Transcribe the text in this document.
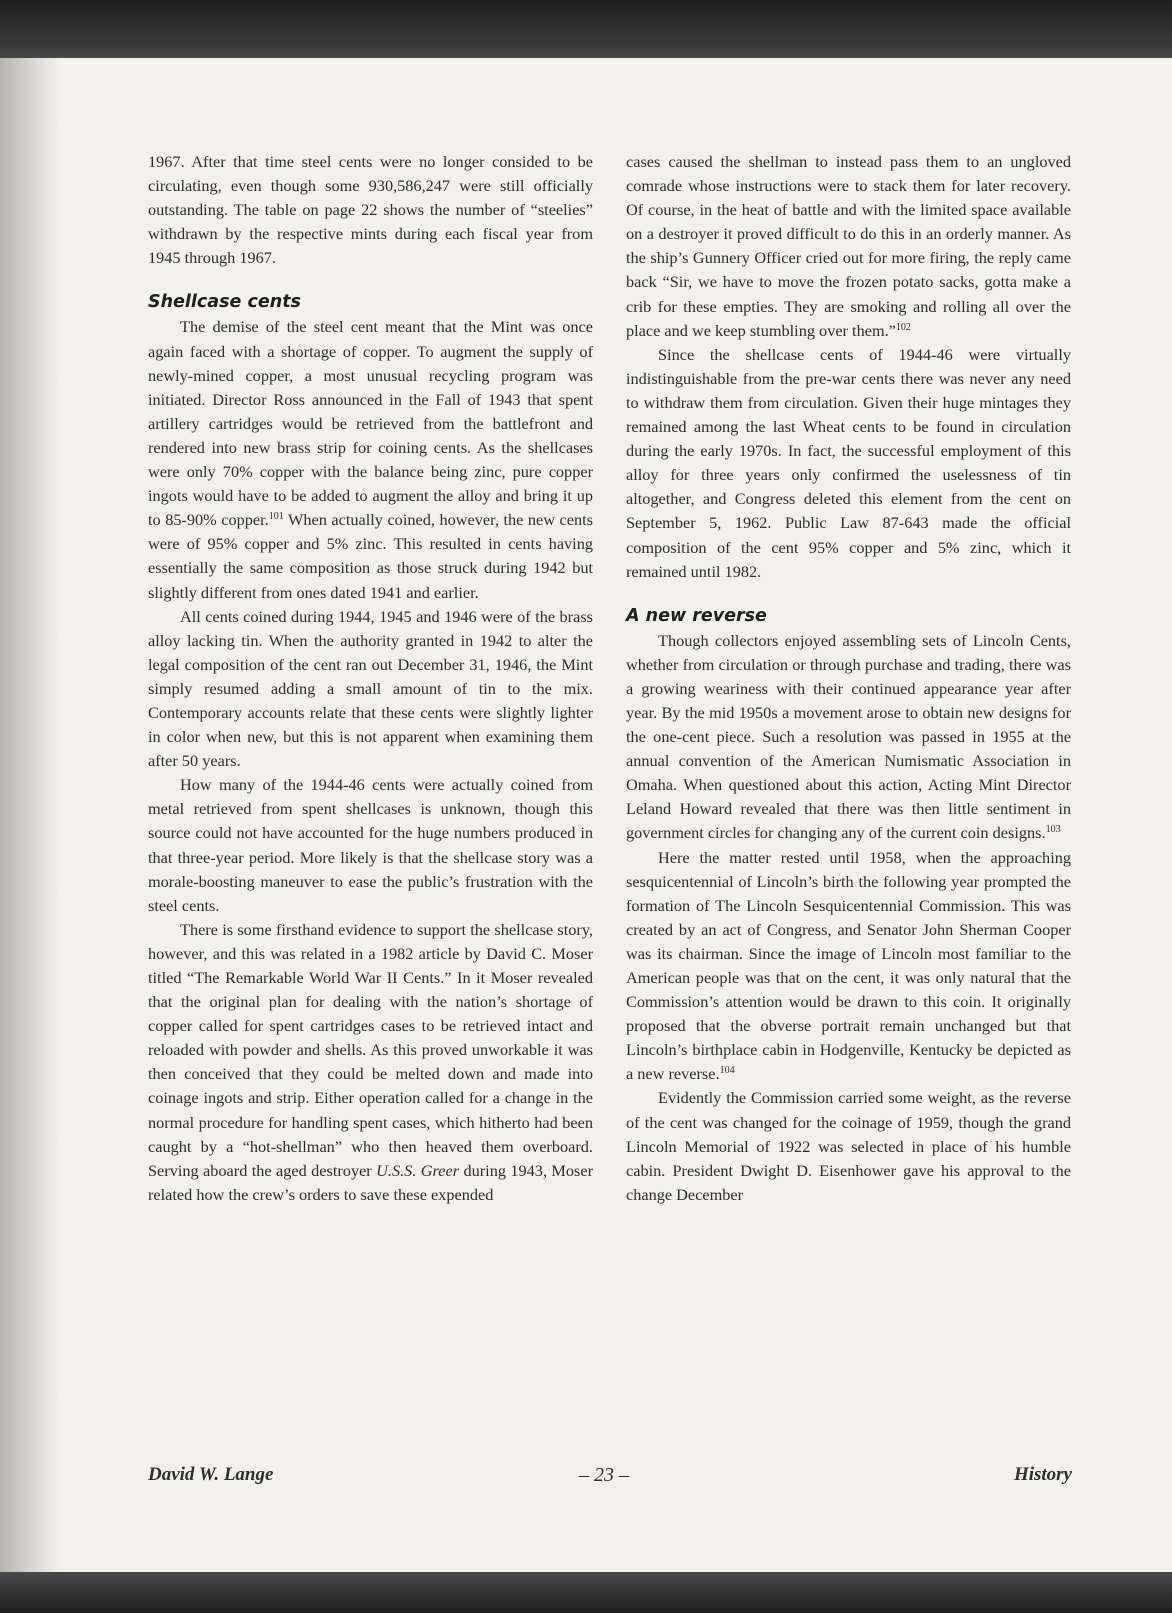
1967. After that time steel cents were no longer consided to be circulating, even though some 930,586,247 were still officially outstanding. The table on page 22 shows the number of “steelies” withdrawn by the respective mints during each fiscal year from 1945 through 1967.

Shellcase cents

The demise of the steel cent meant that the Mint was once again faced with a shortage of copper. To augment the supply of newly-mined copper, a most unusual recycling program was initiated. Director Ross announced in the Fall of 1943 that spent artillery cartridges would be retrieved from the battlefront and rendered into new brass strip for coining cents. As the shellcases were only 70% copper with the balance being zinc, pure copper ingots would have to be added to augment the alloy and bring it up to 85-90% copper.$^{101}$ When actually coined, however, the new cents were of 95% copper and 5% zinc. This resulted in cents having essentially the same composition as those struck during 1942 but slightly different from ones dated 1941 and earlier.

All cents coined during 1944, 1945 and 1946 were of the brass alloy lacking tin. When the authority granted in 1942 to alter the legal composition of the cent ran out December 31, 1946, the Mint simply resumed adding a small amount of tin to the mix. Contemporary accounts relate that these cents were slightly lighter in color when new, but this is not apparent when examining them after 50 years.

How many of the 1944-46 cents were actually coined from metal retrieved from spent shellcases is unknown, though this source could not have accounted for the huge numbers produced in that three-year period. More likely is that the shellcase story was a morale-boosting maneuver to ease the public’s frustration with the steel cents.

There is some firsthand evidence to support the shellcase story, however, and this was related in a 1982 article by David C. Moser titled “The Remarkable World War II Cents.” In it Moser revealed that the original plan for dealing with the nation’s shortage of copper called for spent cartridges cases to be retrieved intact and reloaded with powder and shells. As this proved unworkable it was then conceived that they could be melted down and made into coinage ingots and strip. Either operation called for a change in the normal procedure for handling spent cases, which hitherto had been caught by a “hot-shellman” who then heaved them overboard. Serving aboard the aged destroyer U.S.S. Greer during 1943, Moser related how the crew’s orders to save these expended

cases caused the shellman to instead pass them to an ungloved comrade whose instructions were to stack them for later recovery. Of course, in the heat of battle and with the limited space available on a destroyer it proved difficult to do this in an orderly manner. As the ship’s Gunnery Officer cried out for more firing, the reply came back “Sir, we have to move the frozen potato sacks, gotta make a crib for these empties. They are smoking and rolling all over the place and we keep stumbling over them.”$^{102}$

Since the shellcase cents of 1944-46 were virtually indistinguishable from the pre-war cents there was never any need to withdraw them from circulation. Given their huge mintages they remained among the last Wheat cents to be found in circulation during the early 1970s. In fact, the successful employment of this alloy for three years only confirmed the uselessness of tin altogether, and Congress deleted this element from the cent on September 5, 1962. Public Law 87-643 made the official composition of the cent 95% copper and 5% zinc, which it remained until 1982.

A new reverse

Though collectors enjoyed assembling sets of Lincoln Cents, whether from circulation or through purchase and trading, there was a growing weariness with their continued appearance year after year. By the mid 1950s a movement arose to obtain new designs for the one-cent piece. Such a resolution was passed in 1955 at the annual convention of the American Numismatic Association in Omaha. When questioned about this action, Acting Mint Director Leland Howard revealed that there was then little sentiment in government circles for changing any of the current coin designs.$^{103}$

Here the matter rested until 1958, when the approaching sesquicentennial of Lincoln’s birth the following year prompted the formation of The Lincoln Sesquicentennial Commission. This was created by an act of Congress, and Senator John Sherman Cooper was its chairman. Since the image of Lincoln most familiar to the American people was that on the cent, it was only natural that the Commission’s attention would be drawn to this coin. It originally proposed that the obverse portrait remain unchanged but that Lincoln’s birthplace cabin in Hodgenville, Kentucky be depicted as a new reverse.$^{104}$

Evidently the Commission carried some weight, as the reverse of the cent was changed for the coinage of 1959, though the grand Lincoln Memorial of 1922 was selected in place of his humble cabin. President Dwight D. Eisenhower gave his approval to the change December

David W. Lange	– 23 –	History
